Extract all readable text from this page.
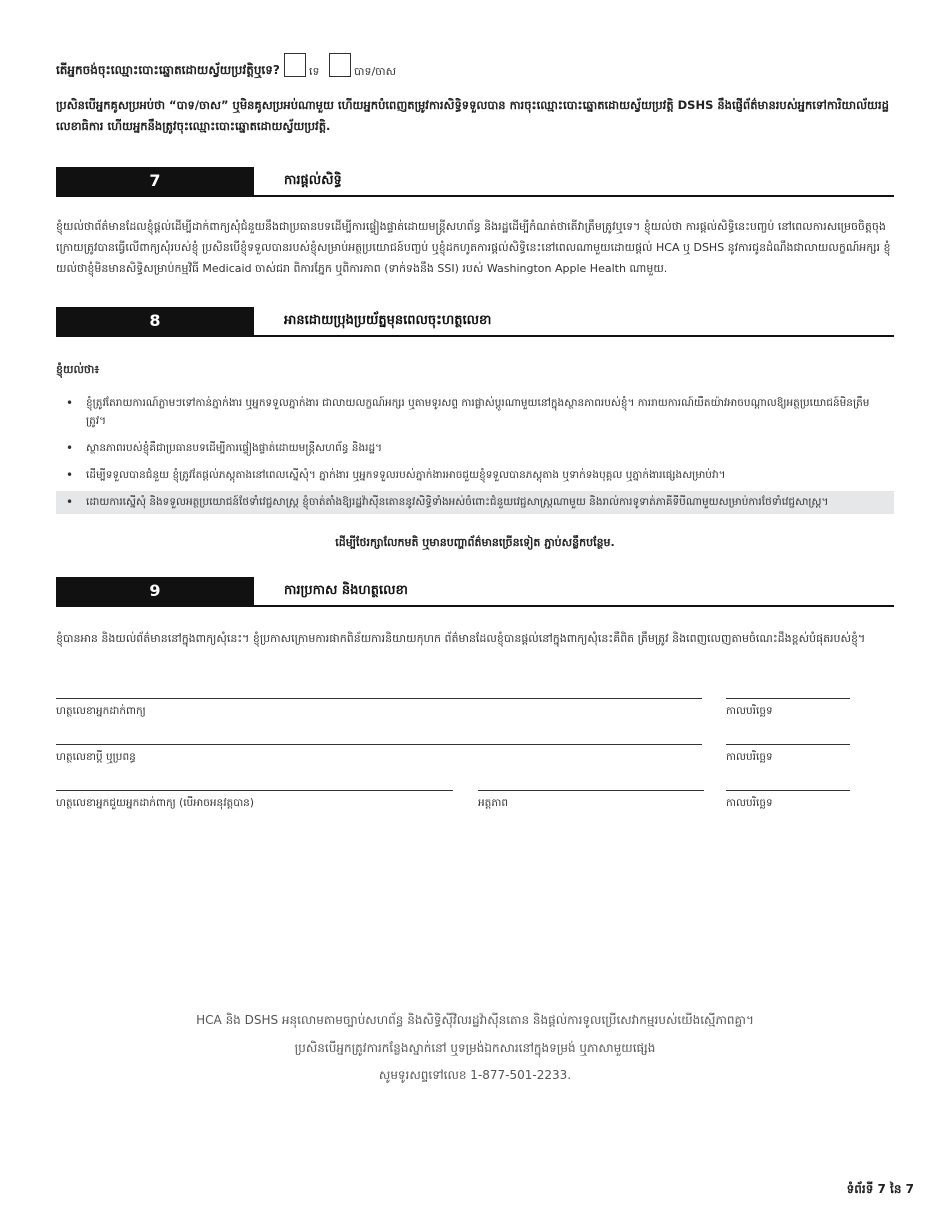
តើអ្នកចង់ចុះឈ្មោះបោះឆ្នោតដោយស្វ័យប្រវត្តិឬទេ?	ទេ	បាទ/ចាស
ប្រសិនបើអ្នកគូសប្រអប់ថា “បាទ/ចាស” ឬមិនគូសប្រអប់ណាមួយ ហើយអ្នកបំពេញតម្រូវការសិទ្ធិទទួលបាន ការចុះឈ្មោះបោះឆ្នោតដោយស្វ័យប្រវត្តិ DSHS នឹងផ្ញើព័ត៌មានរបស់អ្នកទៅការិយាល័យរដ្ឋលេខាធិការ ហើយអ្នកនឹងត្រូវចុះឈ្មោះបោះឆ្នោតដោយស្វ័យប្រវត្តិ.
7	ការផ្តល់សិទ្ធិ
ខ្ញុំយល់ថាព័ត៌មានដែលខ្ញុំផ្តល់ដើម្បីដាក់ពាក្យសុំជំនួយនឹងជាប្រធានបទដើម្បីការផ្ទៀងផ្ទាត់ដោយមន្ត្រីសហព័ន្ធ និងរដ្ឋដើម្បីកំណត់ថាតើវាត្រឹមត្រូវឬទេ។ ខ្ញុំយល់ថា ការផ្តល់សិទ្ធិនេះបញ្ចប់ នៅពេលការសម្រេចចិត្តចុងក្រោយត្រូវបានធ្វើលើពាក្យសុំរបស់ខ្ញុំ ប្រសិនបើខ្ញុំទទួលបានរបស់ខ្ញុំសម្រាប់អត្ថប្រយោជន៍បញ្ចប់ ឬខ្ញុំដកហូតការផ្តល់សិទ្ធិនេះនៅពេលណាមួយដោយផ្តល់ HCA ឬ DSHS នូវការជូនដំណឹងជាលាយលក្ខណ៍អក្សរ ខ្ញុំយល់ថាខ្ញុំមិនមានសិទ្ធិសម្រាប់កម្មវិធី Medicaid ចាស់ជរា ពិការភ្នែក ឬពិការភាព (ទាក់ទងនឹង SSI) របស់ Washington Apple Health ណាមួយ.
8	អានដោយប្រុងប្រយ័ត្នមុនពេលចុះហត្ថលេខា
ខ្ញុំយល់ថា៖
• ខ្ញុំត្រូវតែរាយការណ៍ភ្លាមៗទៅកាន់ភ្នាក់ងារ ឬអ្នកទទួលភ្នាក់ងារ ជាលាយលក្ខណ៍អក្សរ ឬតាមទូរសព្ទ ការផ្លាស់ប្តូរណាមួយនៅក្នុងស្ថានភាពរបស់ខ្ញុំ។ ការរាយការណ៍យឺតយ៉ាវអាចបណ្តាលឱ្យអត្ថប្រយោជន៍មិនត្រឹមត្រូវ។
• ស្ថានភាពរបស់ខ្ញុំគឺជាប្រធានបទដើម្បីការផ្ទៀងផ្ទាត់ដោយមន្ត្រីសហព័ន្ធ និងរដ្ឋ។
• ដើម្បីទទួលបានជំនួយ ខ្ញុំត្រូវតែផ្តល់ភស្តុតាងនៅពេលស្នើសុំ។ ភ្នាក់ងារ ឬអ្នកទទួលរបស់ភ្នាក់ងារអាចជួយខ្ញុំទទួលបានភស្តុតាង ឬទាក់ទងបុគ្គល ឬភ្នាក់ងារផ្សេងសម្រាប់វា។
• ដោយការស្នើសុំ និងទទួលអត្ថប្រយោជន៍ថែទាំវេជ្ជសាស្ត្រ ខ្ញុំចាត់តាំងឱ្យរដ្ឋវ៉ាស៊ីនតោននូវសិទ្ធិទាំងអស់ចំពោះជំនួយវេជ្ជសាស្ត្រណាមួយ និងរាល់ការទូទាត់ភាគីទីបីណាមួយសម្រាប់ការថែទាំវេជ្ជសាស្ត្រ។
ដើម្បីថែរក្សាលែកមតិ ឬមានបញ្ហាព័ត៌មានច្រើនទៀត ភ្ជាប់សន្លឹកបន្ថែម.
9	ការប្រកាស និងហត្ថលេខា
ខ្ញុំបានអាន និងយល់ព័ត៌មាននៅក្នុងពាក្យសុំនេះ។ ខ្ញុំប្រកាសក្រោមការផាកពិន័យការនិយាយកុហក ព័ត៌មានដែលខ្ញុំបានផ្តល់នៅក្នុងពាក្យសុំនេះគឺពិត ត្រឹមត្រូវ និងពេញលេញតាមចំណេះដឹងខ្ពស់បំផុតរបស់ខ្ញុំ។
ហត្ថលេខាអ្នកដាក់ពាក្យ	កាលបរិច្ឆេទ
ហត្ថលេខាប្តី ឬប្រពន្ធ	កាលបរិច្ឆេទ
ហត្ថលេខាអ្នកជួយអ្នកដាក់ពាក្យ (បើអាចអនុវត្តបាន)	អត្តភាព	កាលបរិច្ឆេទ
HCA និង DSHS អនុលោមតាមច្បាប់សហព័ន្ធ និងសិទ្ធិស៊ីវិលរដ្ឋវ៉ាស៊ីនតោន និងផ្តល់ការទូលប្រើសេវាកម្មរបស់យើងស្មើភាពគ្នា។
ប្រសិនបើអ្នកត្រូវការកន្លែងស្នាក់នៅ ឬទម្រង់ឯកសារនៅក្នុងទម្រង់ ឬភាសាមួយផ្សេង
សូមទូរសព្ទទៅលេខ 1-877-501-2233.
ទំព័រទី 7 នៃ 7
